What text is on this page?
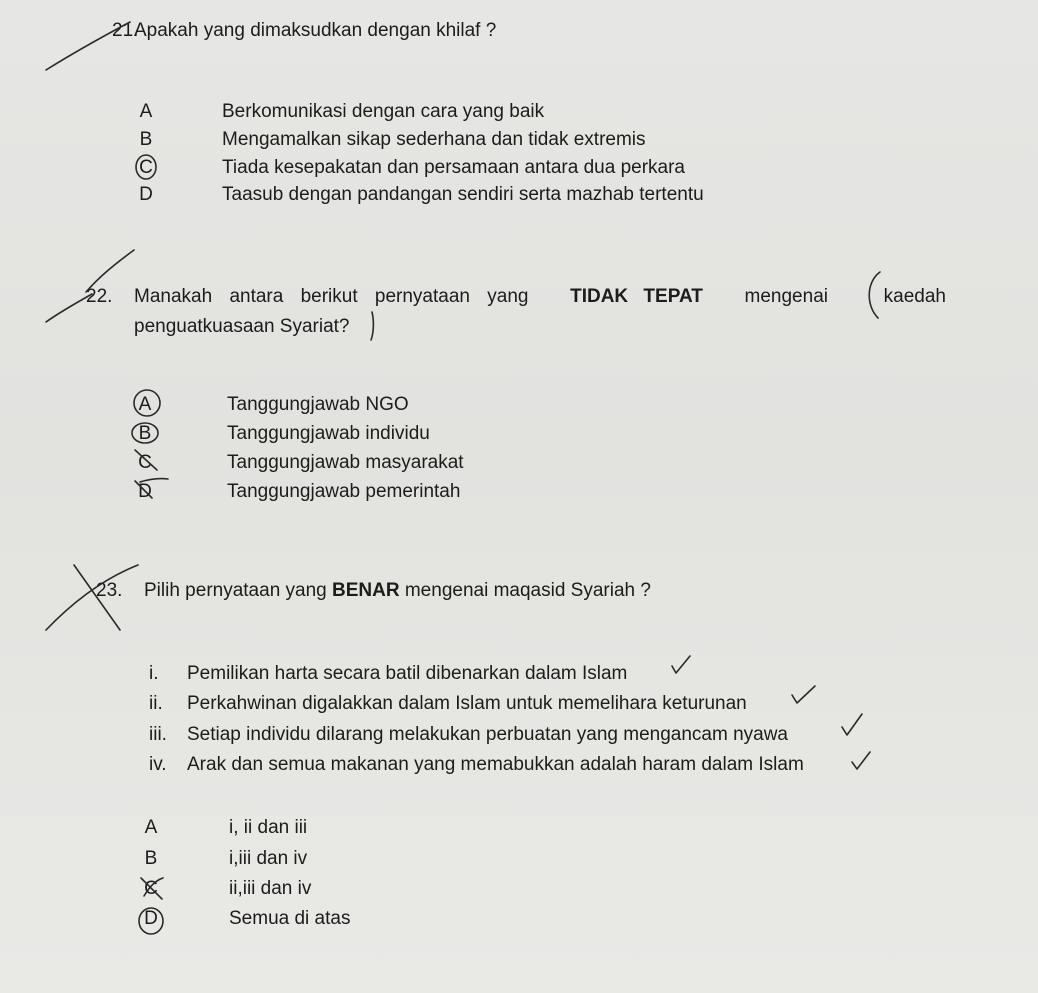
21.
Apakah yang dimaksudkan dengan khilaf ?
A	Berkomunikasi dengan cara yang baik
B	Mengamalkan sikap sederhana dan tidak extremis
C	Tiada kesepakatan dan persamaan antara dua perkara
D	Taasub dengan pandangan sendiri serta mazhab tertentu
22. Manakah antara berikut pernyataan yang TIDAK TEPAT mengenai	kaedah
penguatkuasaan Syariat?
A	Tanggungjawab NGO
B	Tanggungjawab individu
C	Tanggungjawab masyarakat
D	Tanggungjawab pemerintah
23. Pilih pernyataan yang BENAR mengenai maqasid Syariah ?
i. Pemilikan harta secara batil dibenarkan dalam Islam
ii. Perkahwinan digalakkan dalam Islam untuk memelihara keturunan
iii. Setiap individu dilarang melakukan perbuatan yang mengancam nyawa
iv. Arak dan semua makanan yang memabukkan adalah haram dalam Islam
A	i, ii dan iii
B	i,iii dan iv
C	ii,iii dan iv
D	Semua di atas
